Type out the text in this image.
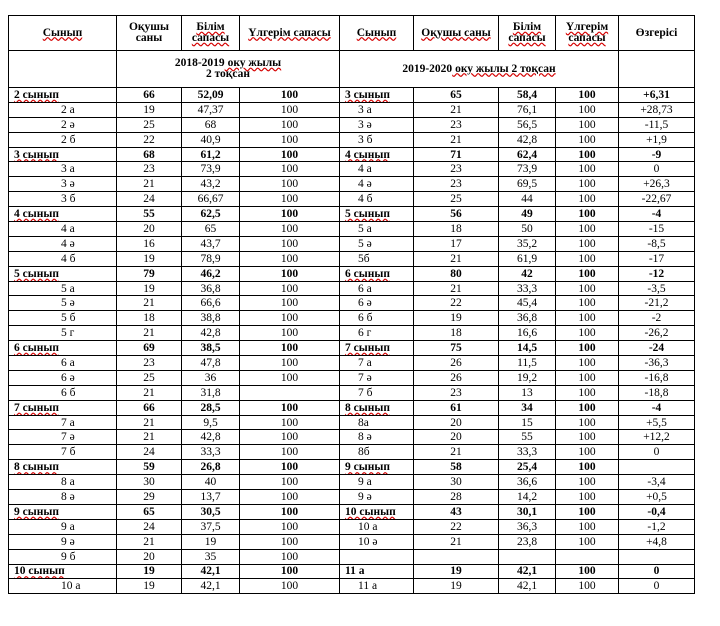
Сынып	Оқушы саны	Білім сапасы	Үлгерім сапасы	Сынып	Оқушы саны	Білім сапасы	Үлгерім сапасы	Өзгерісі
	2018-2019 оку жылы
2 тоқсан			2019-2020 оку жылы 2 тоқсан				
2 сынып	66	52,09	100	3 сынып	65	58,4	100	+6,31
2 а	19	47,37	100	3 а	21	76,1	100	+28,73
2 ә	25	68	100	3 ә	23	56,5	100	-11,5
2 б	22	40,9	100	3 б	21	42,8	100	+1,9
3 сынып	68	61,2	100	4 сынып	71	62,4	100	-9
3 а	23	73,9	100	4 а	23	73,9	100	0
3 ә	21	43,2	100	4 ә	23	69,5	100	+26,3
3 б	24	66,67	100	4 б	25	44	100	-22,67
4 сынып	55	62,5	100	5 сынып	56	49	100	-4
4 а	20	65	100	5 а	18	50	100	-15
4 ә	16	43,7	100	5 ә	17	35,2	100	-8,5
4 б	19	78,9	100	5б	21	61,9	100	-17
5 сынып	79	46,2	100	6 сынып	80	42	100	-12
5 а	19	36,8	100	6 а	21	33,3	100	-3,5
5 ә	21	66,6	100	6 ә	22	45,4	100	-21,2
5 б	18	38,8	100	6 б	19	36,8	100	-2
5 г	21	42,8	100	6 г	18	16,6	100	-26,2
6 сынып	69	38,5	100	7 сынып	75	14,5	100	-24
6 а	23	47,8	100	7 а	26	11,5	100	-36,3
6 ә	25	36	100	7 ә	26	19,2	100	-16,8
6 б	21	31,8		7 б	23	13	100	-18,8
7 сынып	66	28,5	100	8 сынып	61	34	100	-4
7 а	21	9,5	100	8а	20	15	100	+5,5
7 ә	21	42,8	100	8 ә	20	55	100	+12,2
7 б	24	33,3	100	8б	21	33,3	100	0
8 сынып	59	26,8	100	9 сынып	58	25,4	100	
8 а	30	40	100	9 а	30	36,6	100	-3,4
8 ә	29	13,7	100	9 ә	28	14,2	100	+0,5
9 сынып	65	30,5	100	10 сынып	43	30,1	100	-0,4
9 а	24	37,5	100	10 а	22	36,3	100	-1,2
9 ә	21	19	100	10 ә	21	23,8	100	+4,8
9 б	20	35	100					
10 сынып	19	42,1	100	11 а	19	42,1	100	0
10 а	19	42,1	100	11 а	19	42,1	100	0
